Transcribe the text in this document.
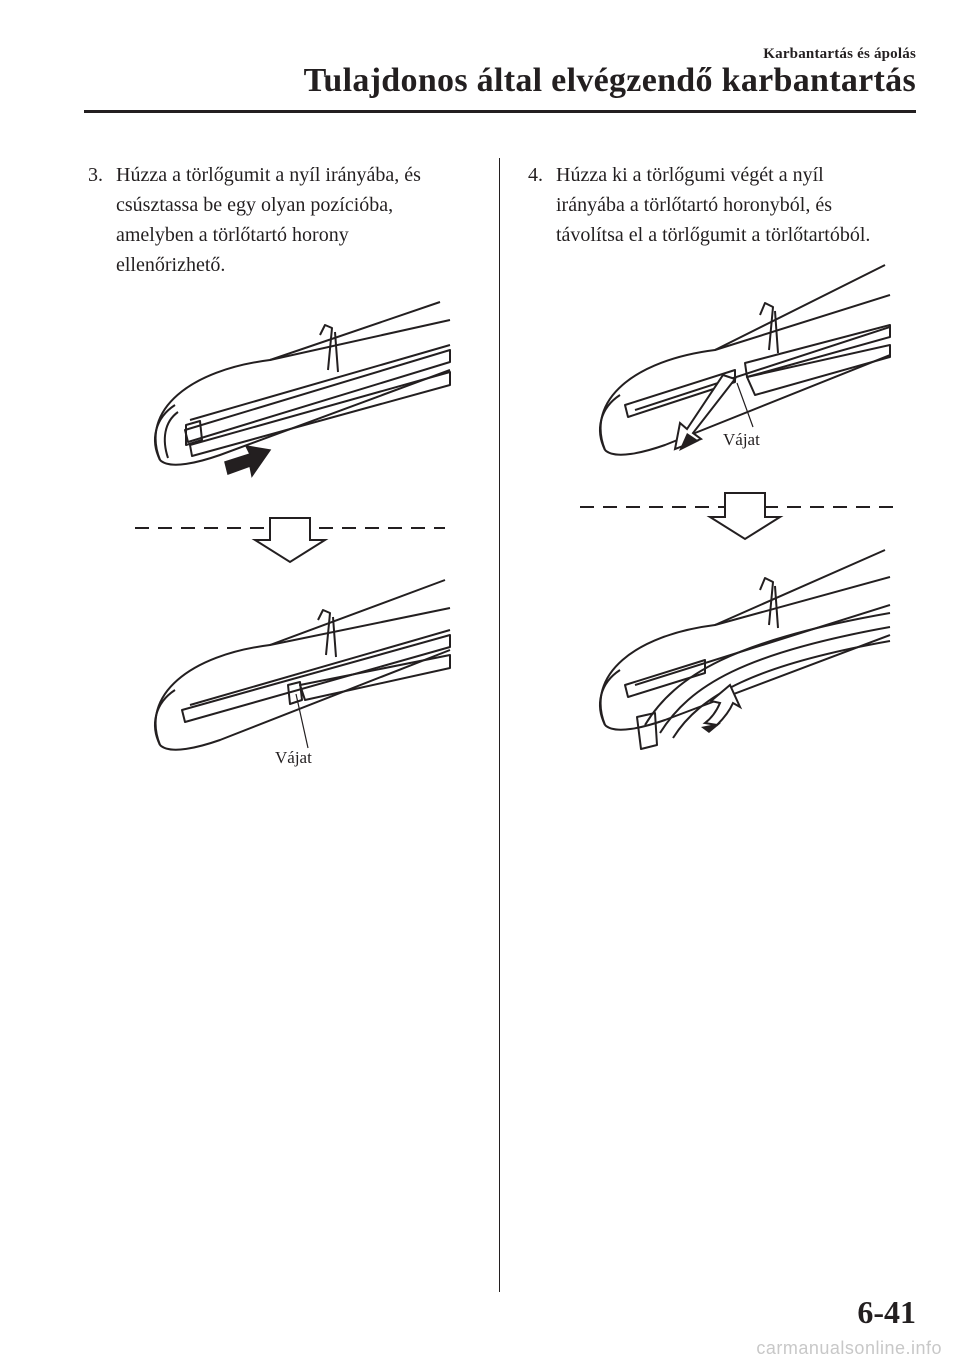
Karbantartás és ápolás
Tulajdonos által elvégzendő karbantartás
3. Húzza a törlőgumit a nyíl irányába, és
csúsztassa be egy olyan pozícióba,
amelyben a törlőtartó horony
ellenőrizhető.
4. Húzza ki a törlőgumi végét a nyíl
irányába a törlőtartó horonyból, és
távolítsa el a törlőgumit a törlőtartóból.
Vájat
Vájat
6-41
carmanualsonline.info
